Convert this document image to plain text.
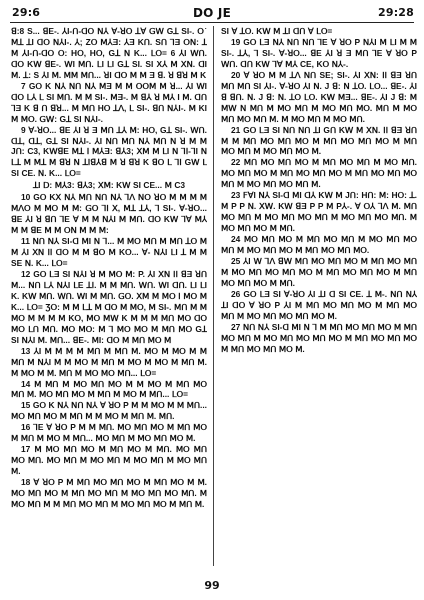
29:6	DO JE	29:28

ꓭ:8 S... ꓭE-. ⅄I-ꓵ-ꓷꓳ ꓠ⅄ ∀-ꓤꓳ ꓕ∀ ꓖꓪ Gꓕ SI-. ꓳ˙ ꓟꓕ ꓕI ꓷꓳ ꓠ⅄I-. ⅄; Zꓳ ꓟ⅄Ǝ: ⅄Ǝ Kꓵ. Sꓵ ꓶƎ ꓳꓠ: ꓕ ꓟ ⅄I-ꓵ-ꓷꓳ ꓳ: Hꓳ, Hꓳ, Gꓕ ꓠ K... ꓡꓳ= 6 ⅄I ꓪꓵ. ꓷꓳ Kꓪ ꓭE-. ꓪI ꓟꓵ. ꓡI ꓡI Gꓕ SI. SI X⅄ ꓟ ꓫꓠ. ꓷI ꓟ. ꓕ: S ⅄I ꓟ. ꓟꓟ ꓟꓵ... ꓤI ꓷꓳ ꓟ ꓟ Ǝ ꓭ. ꓤ ꓭꓤ ꓟ K

7 Gꓳ K ꓠ⅄ ꓠꓵ ꓠ⅄ ꓟƎ ꓟ ꓟ ꓳꓳꓟ ꓟ ꓤ... ⅄I ꓪI ꓷꓳ ꓡ⅄ ꓡ SI ꓟꓵ. ꓟ ꓟ SI-. ꓟƎ-. ꓟ ꓭ⅄ ꓤ ꓟ⅄ I ꓟ. ꓷꓵ ꓶƎ K ꓭ ꓵ ꓭꓤ... ꓟ ꓟꓵ Hꓳ ꓕꓥ, ꓡ SI-. ꓭꓵ ꓠ⅄I-. ꓟ KI ꓟ ꓟꓳ. ꓖꓪ: Gꓕ SI ꓠ⅄I-.

9 ∀-ꓤꓳ... ꓭE ⅄I ꓤ Ǝ ꓟꓵ ꓕ⅄ ꓟ: Hꓳ, Gꓕ SI-. ꓪꓵ. ꓷꓕ, ꓷꓕ, Gꓕ SI ꓠ⅄I-. ⅄I ꓠꓵ ꓟꓵ ꓠ⅄ ꓟꓵ ꓠ ꓤ ꓟ ꓟ Jꓵ: C3, KꓪꓭE ꓟꓕ ꓲ ꓟ⅄Ǝ: ꓭ⅄3; ꓫꓟ ꓟ ꓡI ꓠ ꓶꓲ-ꓶI ꓠ ꓡꓕ ꓟ ꓟꓕ ꓟ ꓭꓤ ꓠ ꓕꓲꓭ⅄ꓭ ꓟ ꓤ ꓭꓤ K ꓭꓳ ꓡ ꓶꓲ Gꓪ ꓡ SI CE. ꓠ. K... ꓡꓳ=

ꓕI ꓓ: ꓟ⅄3: ꓭ⅄3; ꓫꓟ: Kꓪ SI CE... ꓟ C3

10 Gꓳ Kꓫ ꓠ⅄ ꓟꓵ ꓠꓵ ꓠ⅄ ꓶꓥ ꓠꓳ ꓤꓳ ꓟ ꓟ ꓟ ꓟ ꓟꓥꓳ ꓟ ꓟꓳ ꓟ ꓟ: ꓖꓳ ꓶꓲ ꓫ, ꓟꓕ ꓕ⅄, ꓶ SI-. ∀-ꓤꓳ... ꓭE ⅄I ꓤ ꓭꓵ ꓶE ∀ ꓟ ꓟ ꓠ⅄I ꓟ ꓟꓵ. ꓷꓳ Kꓪ ꓶ∀ ꓟ⅄ ꓟ ꓟ ꓭE ꓟ ꓟ ꓳꓠ ꓟ ꓟ ꓟ:

11 ꓠꓵ ꓠ⅄ SI-ꓷ ꓟI ꓠ ꓶ... ꓟ ꓟꓳ ꓟꓵ ꓟ ꓟꓵ ꓕꓳ ꓟ ꓟ ⅄I ꓫꓠ ꓲꓲ ꓷꓳ ꓟ ꓟ ꓭꓳ ꓟ Kꓳ... ∀- ꓠ⅄I ꓡI ꓕ ꓟ ꓟ SE ꓠ. K... ꓡꓳ=

12 Gꓳ ꓡƎ SI ꓠ⅄I ꓤ ꓟ ꓟꓳ ꓟ: P. ⅄I ꓫꓠ ꓲꓲ ꓭƎ ꓤꓵ ꓟ... ꓠꓵ ꓡ⅄ ꓠ⅄I ꓡE ꓕꓲ. ꓟ ꓟ ꓟꓵ. ꓪꓵ. ꓪI ꓷꓵ. ꓡI ꓡI K. Kꓪ ꓟꓵ. ꓪꓵ. ꓪI ꓟ ꓟꓵ. ꓖꓳ. ꓫꓟ ꓟ ꓟꓳ ꓲ ꓟꓳ ꓟ K... ꓡꓳ= Ʒꓳ: ꓟ ꓟ ꓡꓕ ꓟ ꓷꓳ ꓟ ꓟꓳ, ꓟ SI-. ꓟꓵ ꓟ ꓟ ꓟꓳ ꓟ ꓟ ꓟ ꓟ Kꓳ, ꓟꓳ ꓟꓪ K ꓟ ꓟ ꓟ ꓟꓵ ꓟꓳ ꓷꓳ ꓟꓳ ꓡꓵ ꓟꓵ. ꓟꓳ ꓟꓳ: ꓟ ꓶ ꓟꓳ ꓟꓳ ꓟ ꓟꓵ ꓟꓳ Gꓕ SI ꓠ⅄I ꓟ. ꓟꓵ... ꓭE-. ꓟI: ꓷꓳ ꓟ ꓟꓵ ꓟꓳ ꓟ

13 ⅄I ꓟ ꓟ ꓟ ꓟ ꓟꓵ ꓟ ꓟꓵ ꓟ. ꓟꓳ ꓟ ꓟꓳ ꓟ ꓟ ꓟꓵ ꓟ ꓠ⅄I ꓟ ꓟ ꓟꓳ ꓟ ꓟꓵ ꓟ ꓟꓳ ꓟ ꓟꓳ ꓟ ꓟꓵ ꓟ. ꓟ ꓟꓳ ꓟ ꓟ. ꓟꓵ ꓟ ꓟꓳ ꓟꓳ ꓟꓵ... ꓡꓳ=

14 ꓟ ꓟꓵ ꓟ ꓟꓳ ꓟꓵ ꓟꓳ ꓟ ꓟ ꓟꓳ ꓟ ꓟꓵ ꓟꓳ ꓟꓵ ꓟ. ꓟꓳ ꓟꓵ ꓟꓳ ꓟ ꓟꓵ ꓟ ꓟꓳ ꓟ ꓟꓵ... ꓡꓳ=

15 Gꓳ K ꓠ⅄ ꓠꓵ ꓠ⅄ ∀ ꓤꓳ P ꓟ ꓟ ꓟꓳ ꓟ ꓟ ꓟꓵ... ꓟꓳ ꓟꓵ ꓟꓳ ꓟ ꓟꓵ ꓟ ꓟ ꓟꓳ ꓟ ꓟꓵ ꓟ. ꓟꓵ.

16 ꓶE ∀ ꓤꓳ P ꓟ ꓟ ꓟꓵ. ꓟꓳ ꓟꓵ ꓟꓳ ꓟ ꓟꓵ ꓟꓳ ꓟ ꓟꓵ ꓟ ꓟꓳ ꓟ ꓟꓵ... ꓟꓳ ꓟꓵ ꓟ ꓟꓳ ꓟꓵ ꓟꓳ ꓟ.

17 ꓟ ꓟꓳ ꓟꓵ ꓟꓳ ꓟ ꓟꓵ ꓟꓳ ꓟ ꓟꓵ. ꓟꓳ ꓟꓵ ꓟꓳ ꓟꓵ. ꓟꓳ ꓟꓵ ꓟ ꓟꓳ ꓟꓵ ꓟ ꓟꓳ ꓟꓵ ꓟ ꓟꓳ ꓟꓵ ꓟ.

18 ∀ ꓤꓳ P ꓟ ꓟꓵ ꓟꓳ ꓟꓵ ꓟꓳ ꓟ ꓟꓵ ꓟꓳ ꓟ ꓟ. ꓟꓳ ꓟꓵ ꓟꓳ ꓟ ꓟꓵ ꓟꓳ ꓟꓵ ꓟ ꓟꓳ ꓟꓵ ꓟꓳ ꓟꓵ. ꓟ ꓟꓳ ꓟꓵ ꓟ ꓟ ꓟꓵ ꓟꓳ ꓟꓵ ꓟ ꓟꓳ ꓟꓵ ꓟꓳ ꓟ ꓟꓵ ꓟ.

SI ∀ ꓕꓳ. Kꓪ ꓟ ꓕI ꓷꓵ ∀ ꓡꓳ=

19 Gꓳ ꓡƎ ꓠ⅄ ꓠꓵ ꓠꓵ ꓶE ∀ ꓤꓳ P ꓠ⅄I ꓟ ꓡI ꓟ ꓟ SI-. ꓕ⅄, ꓶ SI-. ∀-ꓤꓳ... ꓭE ⅄I ꓤ Ǝ ꓟꓵ ꓶE ∀ ꓤꓳ P ꓪꓵ. ꓷꓵ Kꓪ ꓶ∀ ꓟ⅄ CE, Kꓳ ꓠ⅄-.

20 ∀ ꓤꓳ ꓟ ꓟ ꓕꓥ ꓠꓵ SE; SI-. ⅄I ꓫꓠ: ꓲꓲ ꓭƎ ꓤꓵ ꓟꓵ ꓟꓵ SI ⅄I-. ∀-ꓤꓳ ⅄I ꓠ. J ꓭ: ꓠ ꓕꓳ. ꓡꓳ... ꓭE-. ⅄I ꓭ ꓭꓵ. ꓠ. J ꓭ: ꓠ. ꓕꓳ ꓡꓳ. Kꓪ ꓟƎ... ꓭE-. ⅄I J ꓭ: ꓟ ꓟꓪ ꓠ ꓟꓵ ꓟ ꓟꓳ ꓟꓵ ꓟ ꓟꓳ ꓟꓵ ꓟꓳ. ꓟꓵ ꓟ ꓟꓳ ꓟꓵ ꓟꓳ ꓟꓵ ꓟ. ꓟ ꓟꓳ ꓟꓵ ꓟ ꓟꓳ ꓟꓵ.

21 Gꓳ ꓡƎ SI ꓠꓵ ꓠꓵ ꓕI Gꓵ Kꓪ ꓟ ꓫꓠ. ꓲꓲ ꓭƎ ꓤꓵ ꓟ ꓟ ꓟꓵ ꓟꓳ ꓟꓵ ꓟꓳ ꓟ ꓟꓵ ꓟꓳ ꓟꓵ ꓟꓳ ꓟ ꓟꓵ ꓟꓳ ꓟꓵ ꓟ ꓟꓳ ꓟꓵ ꓟꓳ ꓟ.

22 ꓟꓵ ꓟꓳ ꓟꓵ ꓟꓳ ꓟ ꓟꓵ ꓟꓳ ꓟꓵ ꓟ ꓟꓳ ꓟꓵ. ꓟꓳ ꓟꓵ ꓟꓳ ꓟ ꓟꓵ ꓟꓳ ꓟꓵ ꓟꓳ ꓟ ꓟꓵ ꓟꓳ ꓟꓵ ꓟꓳ ꓟꓵ ꓟ ꓟꓳ ꓟꓵ ꓟꓳ ꓟꓵ ꓟ.

23 ꓝ∀I ꓠ⅄ SI-ꓷ ꓟI ꓷ⅄ Kꓪ ꓟ Jꓵ: Hꓵ: ꓟ: Hꓳ: ꓕ. ꓟ P P ꓠ. ꓫꓪ. Kꓪ ꓭƎ P P ꓟ P⅄-. ∀ ꓳ⅄ ꓶꓥ ꓟ. ꓟꓵ ꓟꓳ ꓟꓵ ꓟ ꓟꓳ ꓟꓵ ꓟꓳ ꓟꓵ ꓟ ꓟꓳ ꓟꓵ ꓟꓳ ꓟꓵ. ꓟ ꓟꓳ ꓟꓵ ꓟꓳ ꓟ ꓟꓵ.

24 ꓟꓳ ꓟꓵ ꓟꓳ ꓟ ꓟꓵ ꓟꓳ ꓟꓵ ꓟ ꓟꓳ ꓟꓵ ꓟꓳ ꓟꓵ ꓟ ꓟꓳ ꓟꓵ ꓟꓳ ꓟ ꓟꓵ ꓟꓳ ꓟꓵ ꓟꓳ.

25 ⅄I ꓪ ꓶꓥ ꓭꓪ ꓟꓵ ꓟꓳ ꓟꓵ ꓟꓳ ꓟ ꓟꓵ ꓟꓳ ꓟꓵ ꓟ ꓟꓳ ꓟꓵ ꓟꓳ ꓟꓵ ꓟꓳ ꓟ ꓟꓵ ꓟꓳ ꓟꓵ ꓟꓳ ꓟ ꓟꓵ ꓟꓳ ꓟꓵ ꓟꓳ ꓟ ꓟꓵ.

26 Gꓳ ꓡƎ SI ∀-ꓤꓳ ⅄I ꓕI ꓷ SI CE. ꓕ ꓟ-. ꓠꓵ ꓠ⅄ ꓕI ꓷꓳ ∀ ꓤꓳ P ⅄I ꓟ ꓟꓵ ꓟꓳ ꓟꓵ ꓟꓳ ꓟ ꓟꓵ ꓟꓳ ꓟꓵ ꓟ ꓟꓳ ꓟꓵ ꓟꓳ ꓟꓵ ꓟꓳ ꓟ.

27 ꓠꓵ ꓠ⅄ SI-ꓷ ꓟI ꓠ ꓶ ꓟ ꓟꓵ ꓟꓳ ꓟꓵ ꓟꓳ ꓟ ꓟꓵ ꓟꓳ ꓟꓵ ꓟ ꓟꓳ ꓟꓵ ꓟꓳ ꓟꓵ ꓟꓳ ꓟ ꓟꓵ ꓟꓳ ꓟꓵ ꓟꓳ ꓟ ꓟꓵ ꓟꓳ ꓟꓵ ꓟꓳ ꓟ.

99
